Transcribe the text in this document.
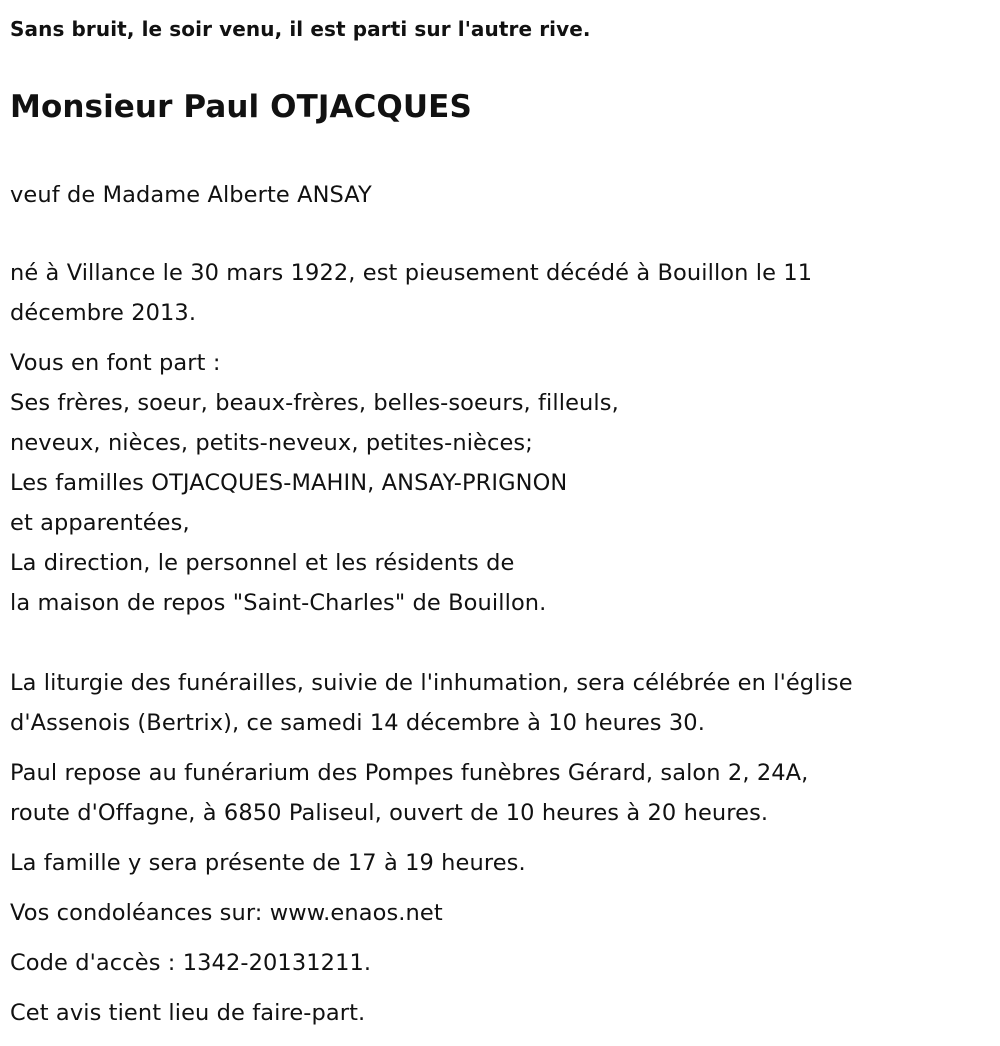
Sans bruit, le soir venu, il est parti sur l'autre rive.
Monsieur Paul OTJACQUES
veuf de Madame Alberte ANSAY
né à Villance le 30 mars 1922, est pieusement décédé à Bouillon le 11
décembre 2013.
Vous en font part :
Ses frères, soeur, beaux-frères, belles-soeurs, filleuls,
neveux, nièces, petits-neveux, petites-nièces;
Les familles OTJACQUES-MAHIN, ANSAY-PRIGNON
et apparentées,
La direction, le personnel et les résidents de
la maison de repos "Saint-Charles" de Bouillon.
La liturgie des funérailles, suivie de l'inhumation, sera célébrée en l'église
d'Assenois (Bertrix), ce samedi 14 décembre à 10 heures 30.
Paul repose au funérarium des Pompes funèbres Gérard, salon 2, 24A,
route d'Offagne, à 6850 Paliseul, ouvert de 10 heures à 20 heures.
La famille y sera présente de 17 à 19 heures.
Vos condoléances sur: www.enaos.net
Code d'accès : 1342-20131211.
Cet avis tient lieu de faire-part.
